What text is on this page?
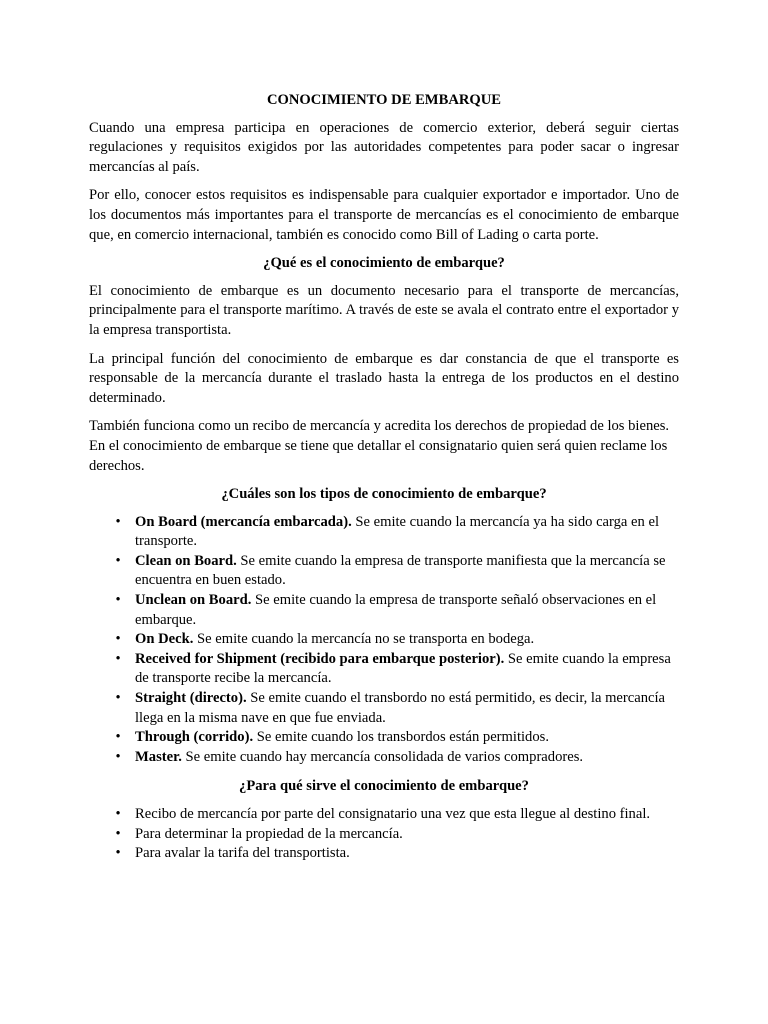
CONOCIMIENTO DE EMBARQUE

Cuando una empresa participa en operaciones de comercio exterior, deberá seguir ciertas regulaciones y requisitos exigidos por las autoridades competentes para poder sacar o ingresar mercancías al país.

Por ello, conocer estos requisitos es indispensable para cualquier exportador e importador. Uno de los documentos más importantes para el transporte de mercancías es el conocimiento de embarque que, en comercio internacional, también es conocido como Bill of Lading o carta porte.

¿Qué es el conocimiento de embarque?

El conocimiento de embarque es un documento necesario para el transporte de mercancías, principalmente para el transporte marítimo. A través de este se avala el contrato entre el exportador y la empresa transportista.

La principal función del conocimiento de embarque es dar constancia de que el transporte es responsable de la mercancía durante el traslado hasta la entrega de los productos en el destino determinado.

También funciona como un recibo de mercancía y acredita los derechos de propiedad de los bienes. En el conocimiento de embarque se tiene que detallar el consignatario quien será quien reclame los derechos.

¿Cuáles son los tipos de conocimiento de embarque?
• On Board (mercancía embarcada). Se emite cuando la mercancía ya ha sido carga en el transporte.
• Clean on Board. Se emite cuando la empresa de transporte manifiesta que la mercancía se encuentra en buen estado.
• Unclean on Board. Se emite cuando la empresa de transporte señaló observaciones en el embarque.
• On Deck. Se emite cuando la mercancía no se transporta en bodega.
• Received for Shipment (recibido para embarque posterior). Se emite cuando la empresa de transporte recibe la mercancía.
• Straight (directo). Se emite cuando el transbordo no está permitido, es decir, la mercancía llega en la misma nave en que fue enviada.
• Through (corrido). Se emite cuando los transbordos están permitidos.
• Master. Se emite cuando hay mercancía consolidada de varios compradores.
¿Para qué sirve el conocimiento de embarque?
• Recibo de mercancía por parte del consignatario una vez que esta llegue al destino final.
• Para determinar la propiedad de la mercancía.
• Para avalar la tarifa del transportista.
